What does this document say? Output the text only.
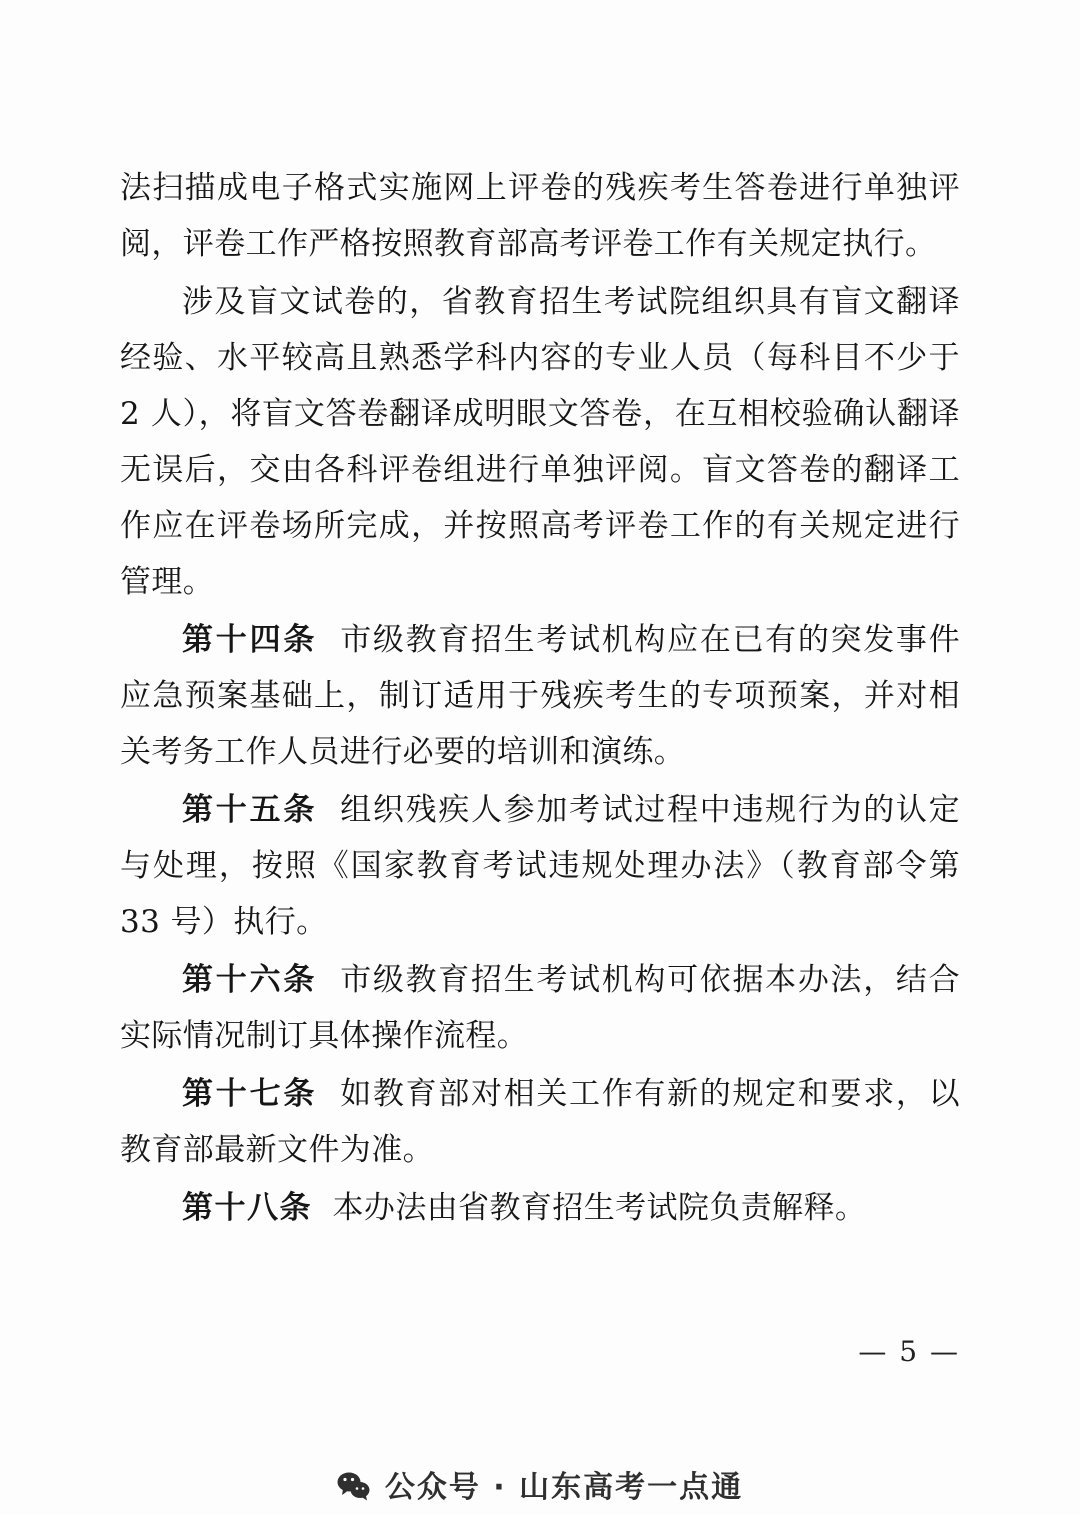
法扫描成电子格式实施网上评卷的残疾考生答卷进行单独评阅，评卷工作严格按照教育部高考评卷工作有关规定执行。

涉及盲文试卷的，省教育招生考试院组织具有盲文翻译经验、水平较高且熟悉学科内容的专业人员（每科目不少于 2 人），将盲文答卷翻译成明眼文答卷，在互相校验确认翻译无误后，交由各科评卷组进行单独评阅。盲文答卷的翻译工作应在评卷场所完成，并按照高考评卷工作的有关规定进行管理。

第十四条 市级教育招生考试机构应在已有的突发事件应急预案基础上，制订适用于残疾考生的专项预案，并对相关考务工作人员进行必要的培训和演练。

第十五条 组织残疾人参加考试过程中违规行为的认定与处理，按照《国家教育考试违规处理办法》（教育部令第 33 号）执行。

第十六条 市级教育招生考试机构可依据本办法，结合实际情况制订具体操作流程。

第十七条 如教育部对相关工作有新的规定和要求，以教育部最新文件为准。

第十八条 本办法由省教育招生考试院负责解释。

— 5 —
公众号 · 山东高考一点通
